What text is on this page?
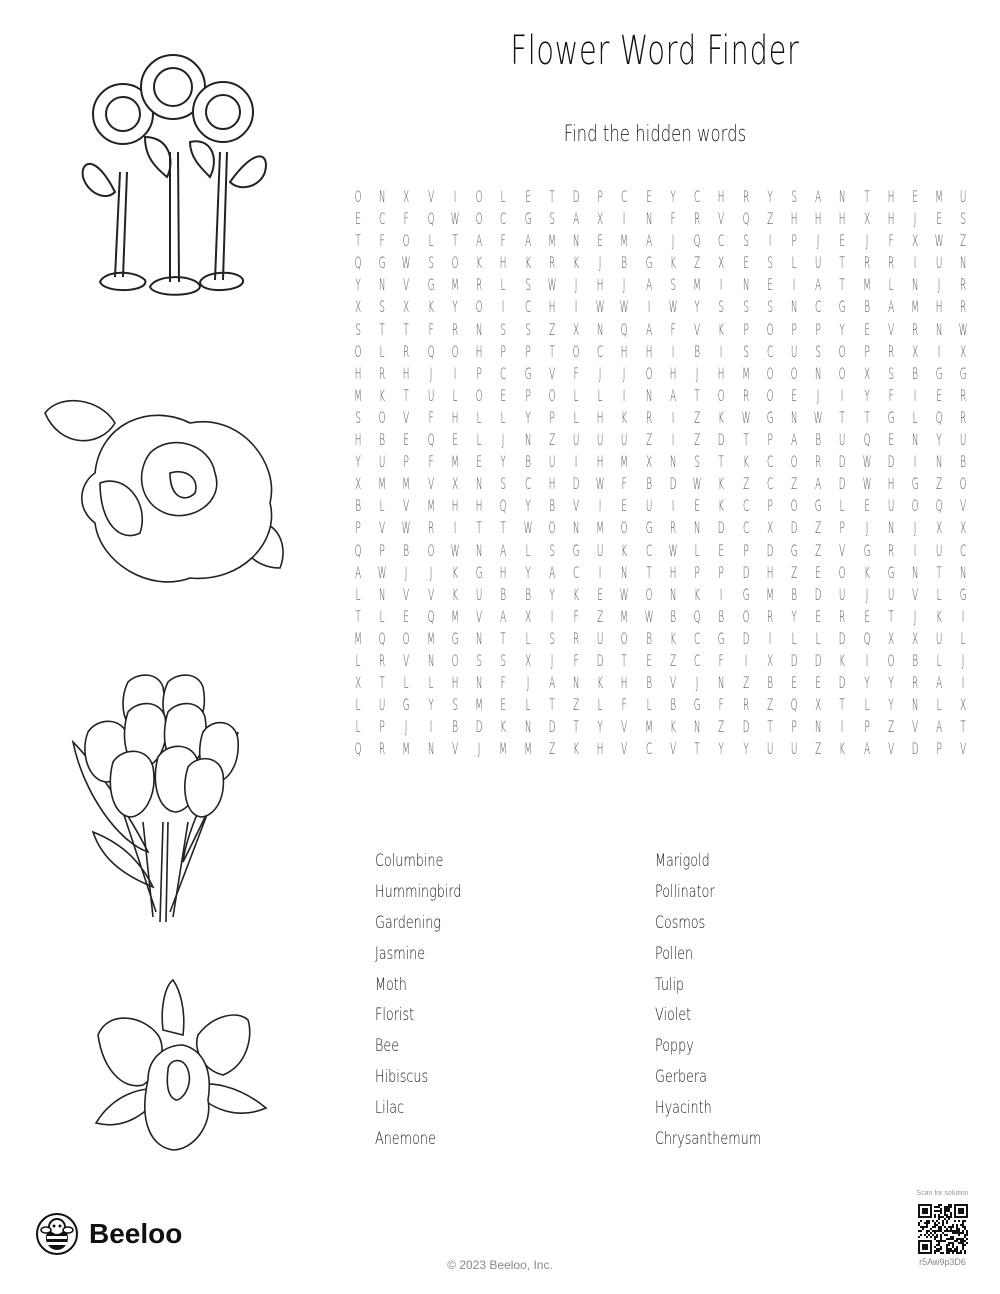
Flower Word Finder
Find the hidden words
O N X V	I	O L E T D P C E Y C H R Y S A N T H E M U
E C F Q W O C G S A X	I	N F R V Q Z H H H X H	J	E S
T F O L T A F A M N E M A	J	Q C S	I	P	J	E	J	F X W Z
Q G W S O K H K R K	J	B G K Z X E S L U T R R	I	U N
Y N V G M R L S W	J	H	J	A S M	I	N E	I	A T M L N	J	R
X S X K Y O	I	C H	I	W W	I	W Y S S S N C G B A M H R
S T T F R N S S Z X N Q A F V K P O P P Y E V R N W
O L R Q O H P P T O C H H	I	B	I	S C U S O P R X	I	X
H R H	J	I	P C G V F	J	J	O H	J	H M O O N O X S B G G
M K T U L O E P O L L	I	N A T O R O E	J	I	Y F	I	E R
S O V F H L L Y P L H K R	I	Z K W G N W T T G L Q R
H B E Q E L	J	N Z U U U Z	I	Z D T P A B U Q E N Y U
Y U P F M E Y B U	I	H M X N S T K C O R D W D	I	N B
X M M V X N S C H D W F B D W K Z C Z A D W H G Z O
B L V M H H Q Y B V	I	E U	I	E K C P O G L E U O Q V
P V W R	I	T T W O N M O G R N D C X D Z P	J	N	J	X X
Q P B O W N A L S G U K C W L E P D G Z V G R	I	U C
A W	J	J	K G H Y A C	I	N T H P P D H Z E O K G N T N
L N V V K U B B Y K E W O N K	I	G M B D U	J	U V L G
T L E Q M V A X	I	F Z M W B Q B O R Y E R E T	J	K	I
M Q O M G N T L S R U O B K C G D	I	L L D Q X X U L
L R V N O S S X	J	F D T E Z C F	I	X D D K	I	O B L	J
X T L L H N F	J	A N K H B V	J	N Z B E E D Y Y R A	I
L U G Y S M E L T Z L F L B G F R Z Q X T L Y N L X
L P	J	I	B D K N D T Y V M K N Z D T P N	I	P Z V A T
Q R M N V	J	M M Z K H V C V T Y Y U U Z K A V D P V
Columbine
Hummingbird
Gardening
Jasmine
Moth
Florist
Bee
Hibiscus
Lilac
Anemone
Marigold
Pollinator
Cosmos
Pollen
Tulip
Violet
Poppy
Gerbera
Hyacinth
Chrysanthemum
Beeloo
© 2023 Beeloo, Inc.
Scan for solution
r5Aw9p3D6
